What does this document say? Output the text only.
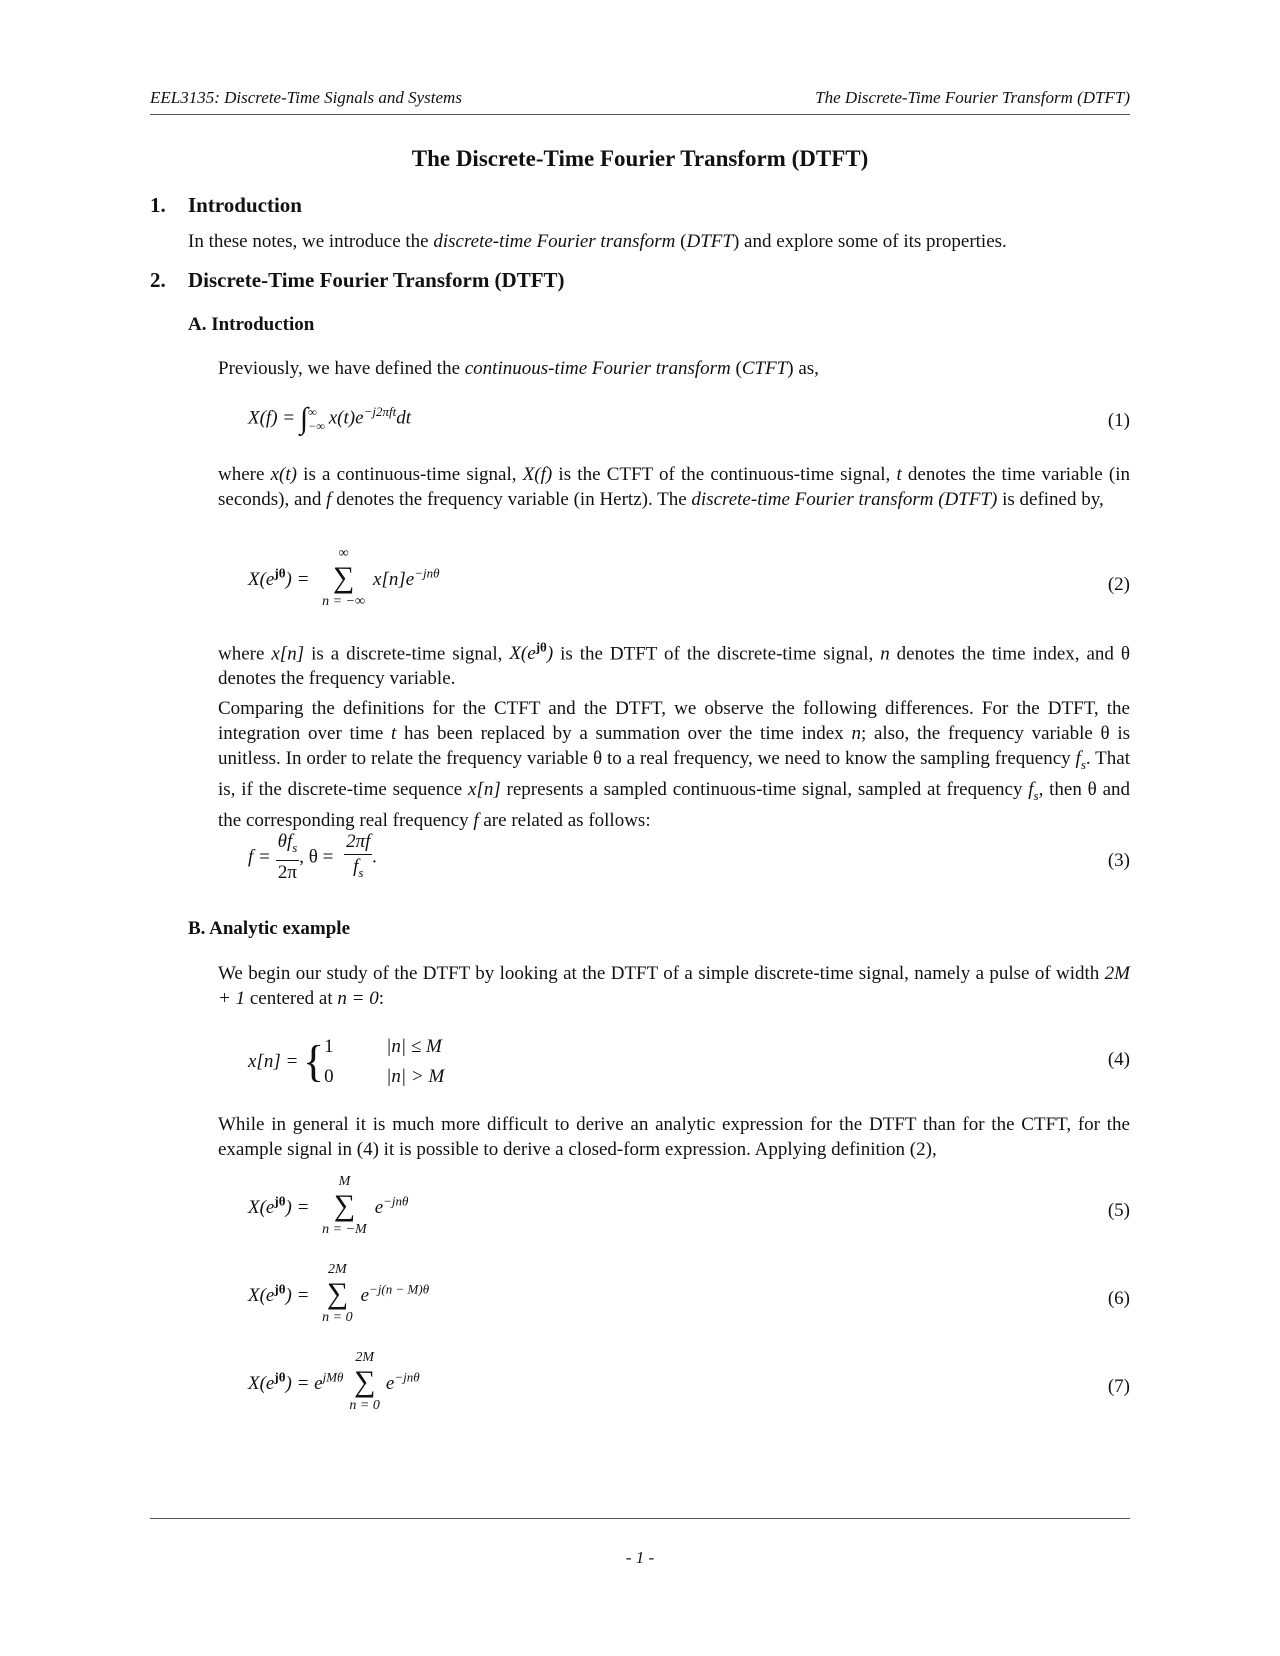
EEL3135: Discrete-Time Signals and Systems	The Discrete-Time Fourier Transform (DTFT)
The Discrete-Time Fourier Transform (DTFT)
1. Introduction
In these notes, we introduce the discrete-time Fourier transform (DTFT) and explore some of its properties.
2. Discrete-Time Fourier Transform (DTFT)
A. Introduction
Previously, we have defined the continuous-time Fourier transform (CTFT) as,
X(f) = ∫ ∞
−∞ $x(t)e^{-j2\pi ft}dt$	(1)
where x(t) is a continuous-time signal, X(f) is the CTFT of the continuous-time signal, t denotes the time variable (in seconds), and f denotes the frequency variable (in Hertz). The discrete-time Fourier transform (DTFT) is defined by,
$X(e^{j\theta})$ =
∞
∑
n = −∞
$x[n]e^{-jn\theta}$
(2)
where x[n] is a discrete-time signal, $X(e^{j\theta})$ is the DTFT of the discrete-time signal, n denotes the time index, and θ denotes the frequency variable.
Comparing the definitions for the CTFT and the DTFT, we observe the following differences. For the DTFT, the integration over time t has been replaced by a summation over the time index n; also, the frequency variable θ is unitless. In order to relate the frequency variable θ to a real frequency, we need to know the sampling frequency $f_s$. That is, if the discrete-time sequence x[n] represents a sampled continuous-time signal, sampled at frequency $f_s$, then θ and the corresponding real frequency f are related as follows:
$f = \frac{\theta f_s}{2\pi}$ , $\theta = \frac{2\pi f}{f_s}$ .	(3)
B. Analytic example
We begin our study of the DTFT by looking at the DTFT of a simple discrete-time signal, namely a pulse of width 2M + 1 centered at n = 0:
x[n] = { 1	|n| ≤ M
0	|n| > M
(4)
While in general it is much more difficult to derive an analytic expression for the DTFT than for the CTFT, for the example signal in (4) it is possible to derive a closed-form expression. Applying definition (2),
$X(e^{j\theta})$ =
M
∑
n = −M
$e^{-jn\theta}$	(5)
$X(e^{j\theta})$ =
2M
∑
n = 0
$e^{-j(n - M)\theta}$	(6)
$X(e^{j\theta}) = e^{jM\theta}$
2M
∑
n = 0
$e^{-jn\theta}$	(7)
- 1 -
